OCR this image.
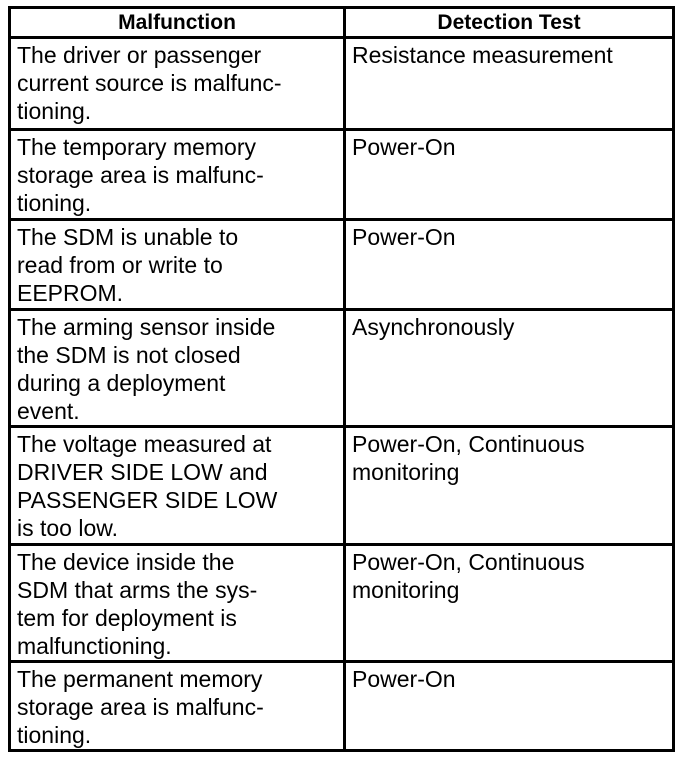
Malfunction	Detection Test

The driver or passenger
current source is malfunc-
tioning.	Resistance measurement

The temporary memory
storage area is malfunc-
tioning.	Power-On

The SDM is unable to
read from or write to
EEPROM.	Power-On

The arming sensor inside
the SDM is not closed
during a deployment
event.	Asynchronously

The voltage measured at
DRIVER SIDE LOW and
PASSENGER SIDE LOW
is too low.	Power-On, Continuous
monitoring

The device inside the
SDM that arms the sys-
tem for deployment is
malfunctioning.	Power-On, Continuous
monitoring

The permanent memory
storage area is malfunc-
tioning.	Power-On
